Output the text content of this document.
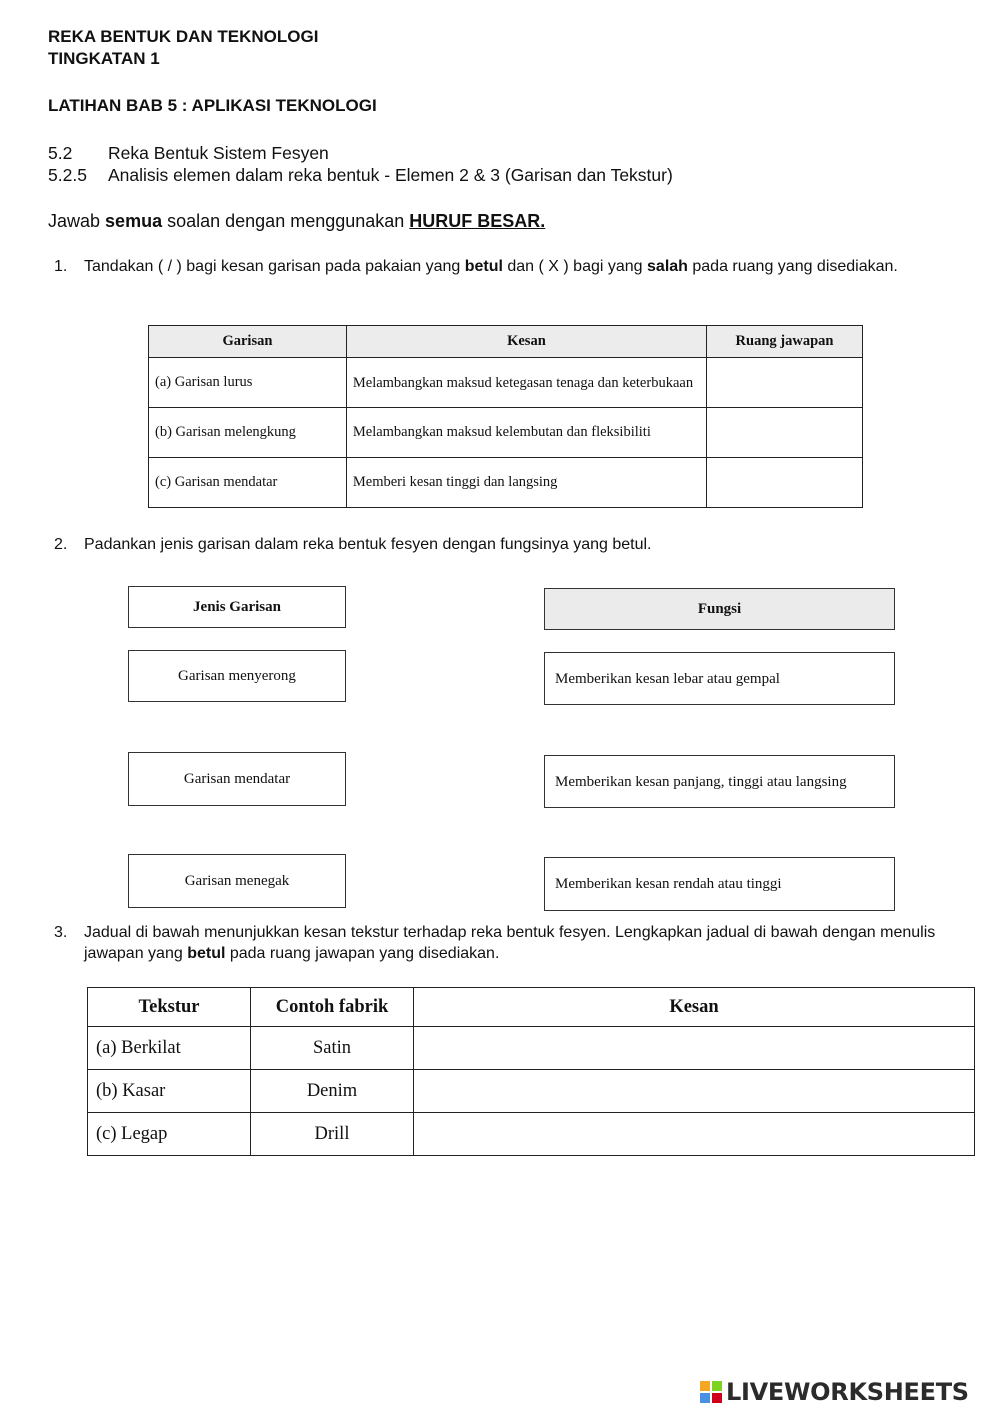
REKA BENTUK DAN TEKNOLOGI
TINGKATAN 1
LATIHAN BAB 5 : APLIKASI TEKNOLOGI
5.2 Reka Bentuk Sistem Fesyen
5.2.5 Analisis elemen dalam reka bentuk - Elemen 2 & 3 (Garisan dan Tekstur)
Jawab semua soalan dengan menggunakan HURUF BESAR.
1. Tandakan ( / ) bagi kesan garisan pada pakaian yang betul dan ( X ) bagi yang salah pada ruang yang disediakan.
Garisan	Kesan	Ruang jawapan
(a) Garisan lurus	Melambangkan maksud ketegasan tenaga dan keterbukaan	
(b) Garisan melengkung	Melambangkan maksud kelembutan dan fleksibiliti	
(c) Garisan mendatar	Memberi kesan tinggi dan langsing	
2. Padankan jenis garisan dalam reka bentuk fesyen dengan fungsinya yang betul.
Jenis Garisan	Fungsi
Garisan menyerong
Garisan mendatar
Garisan menegak
Memberikan kesan lebar atau gempal
Memberikan kesan panjang, tinggi atau langsing
Memberikan kesan rendah atau tinggi
3. Jadual di bawah menunjukkan kesan tekstur terhadap reka bentuk fesyen. Lengkapkan jadual di bawah dengan menulis jawapan yang betul pada ruang jawapan yang disediakan.
Tekstur	Contoh fabrik	Kesan
(a) Berkilat	Satin	
(b) Kasar	Denim	
(c) Legap	Drill	
LIVEWORKSHEETS
